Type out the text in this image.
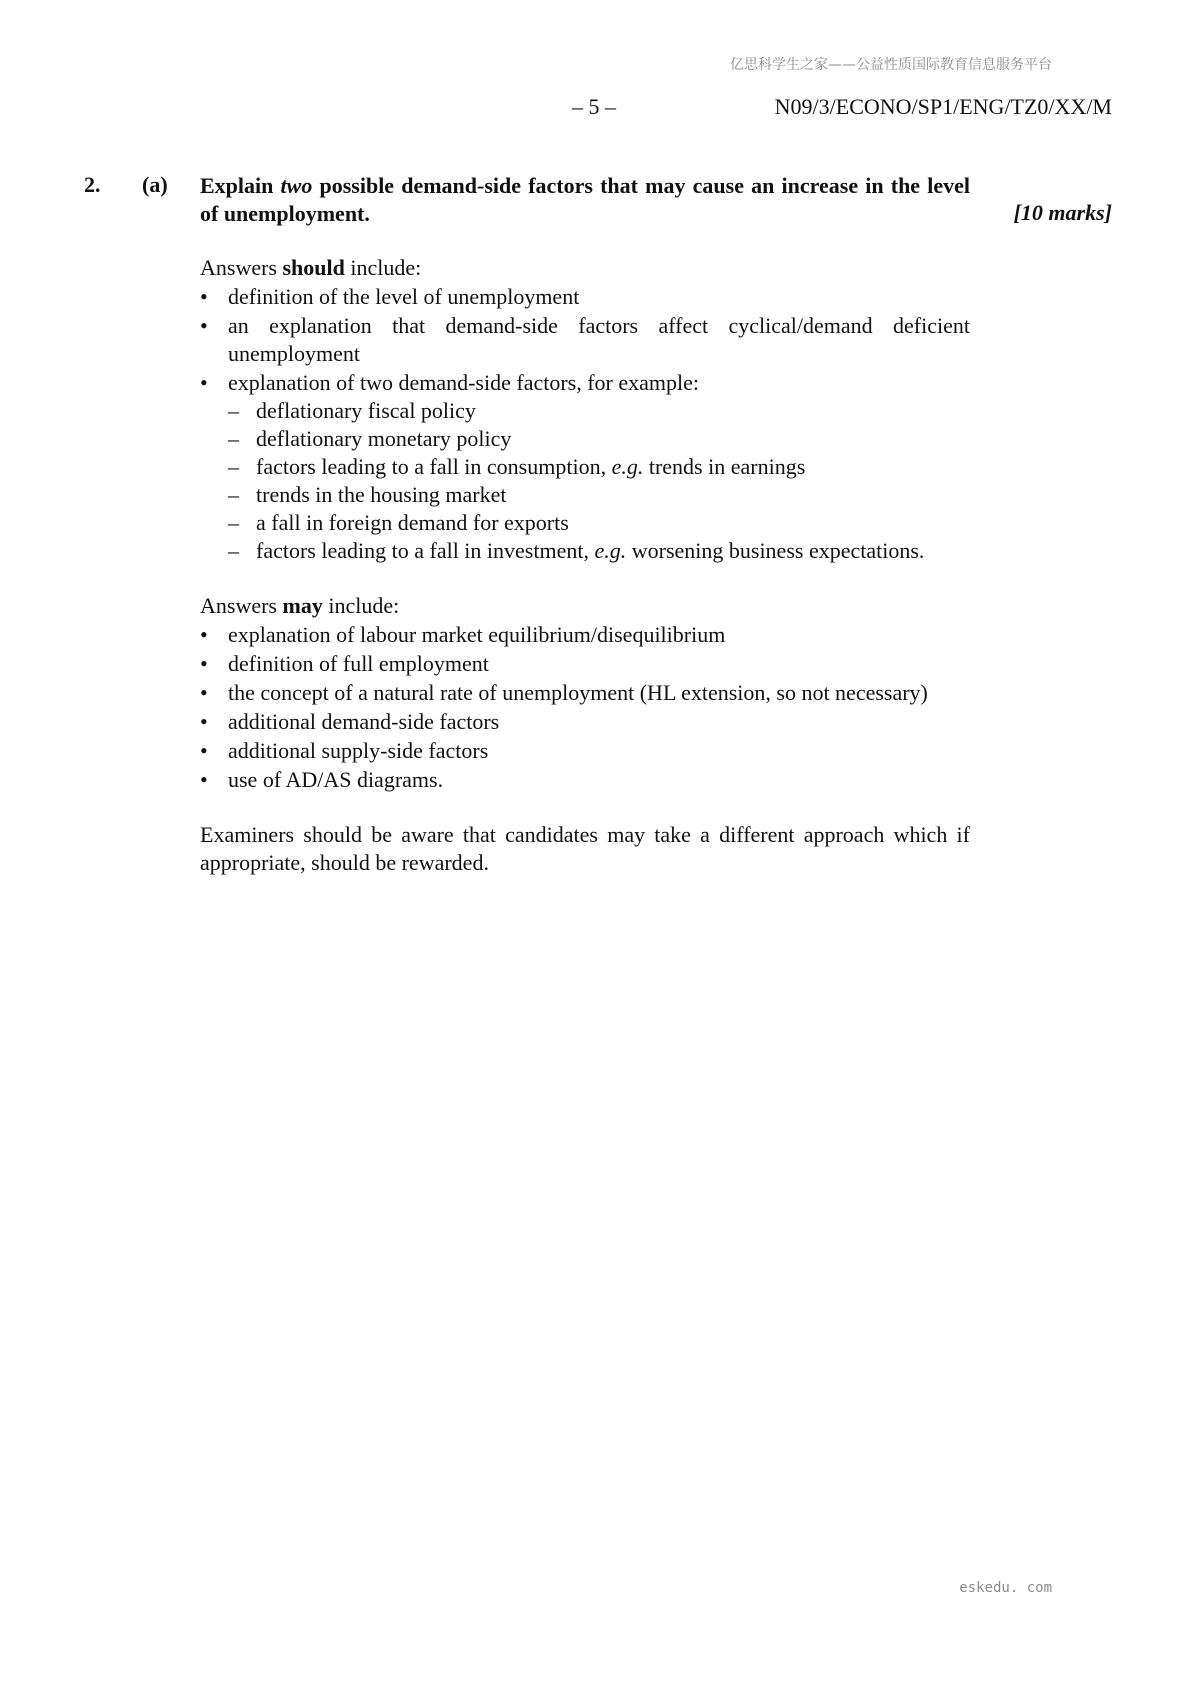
亿思科学生之家——公益性质国际教育信息服务平台
– 5 –	N09/3/ECONO/SP1/ENG/TZ0/XX/M
2. (a) Explain two possible demand-side factors that may cause an increase in the level of unemployment.	[10 marks]

Answers should include:

• definition of the level of unemployment
• an explanation that demand-side factors affect cyclical/demand deficient unemployment
• explanation of two demand-side factors, for example:
– deflationary fiscal policy
– deflationary monetary policy
– factors leading to a fall in consumption, e.g. trends in earnings
– trends in the housing market
– a fall in foreign demand for exports
– factors leading to a fall in investment, e.g. worsening business expectations.

Answers may include:

• explanation of labour market equilibrium/disequilibrium
• definition of full employment
• the concept of a natural rate of unemployment (HL extension, so not necessary)
• additional demand-side factors
• additional supply-side factors
• use of AD/AS diagrams.

Examiners should be aware that candidates may take a different approach which if appropriate, should be rewarded.

eskedu. com
